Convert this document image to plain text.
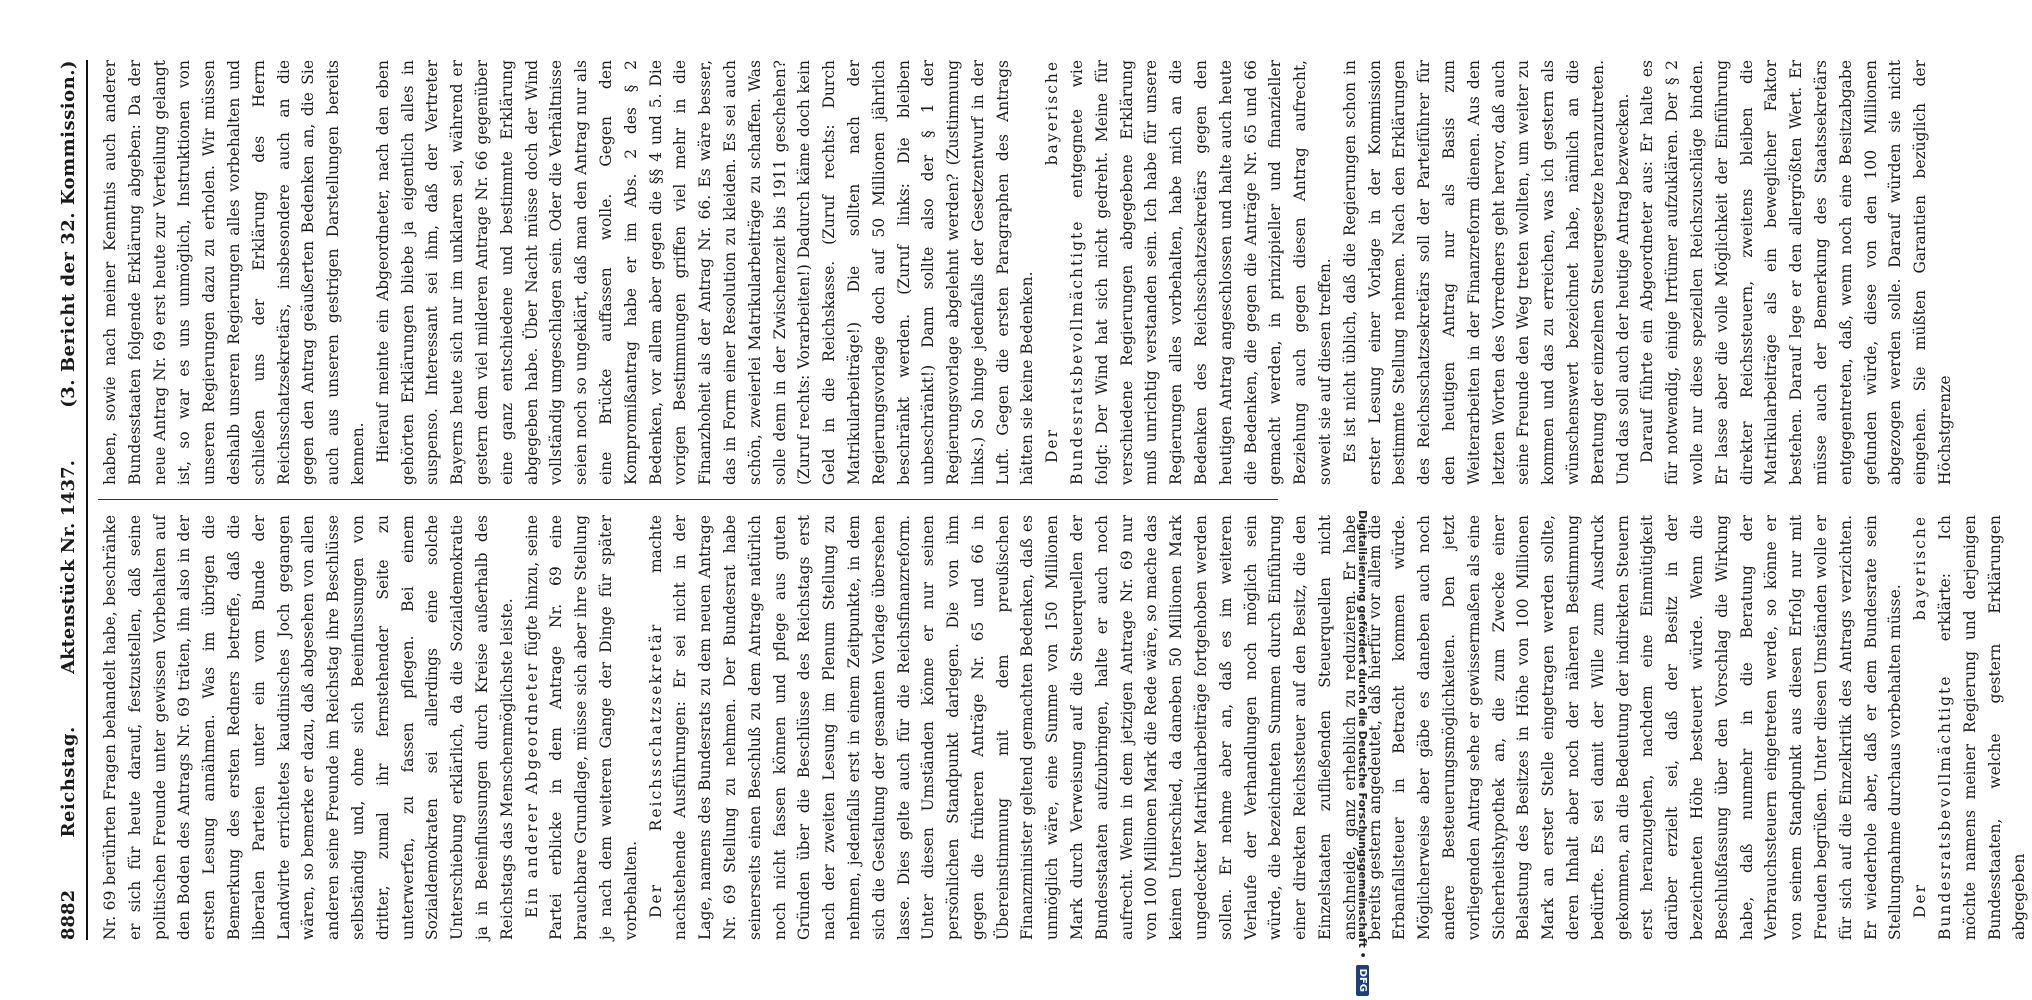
8882
Reichstag.
Aktenstück Nr. 1437.
(3. Bericht der 32. Kommission.)

Nr. 69 berührten Fragen behandelt habe, beschränke er sich für heute darauf, festzustellen, daß seine politischen Freunde unter gewissen Vorbehalten auf den Boden des Antrags Nr. 69 träten, ihn also in der ersten Lesung annähmen. Was im übrigen die Bemerkung des ersten Redners betreffe, daß die liberalen Parteien unter ein vom Bunde der Landwirte errichtetes kaudinisches Joch gegangen wären, so bemerke er dazu, daß abgesehen von allen anderen seine Freunde im Reichstag ihre Beschlüsse selbständig und, ohne sich Beeinflussungen von dritter, zumal ihr fernstehender Seite zu unterwerfen, zu fassen pflegen. Bei einem Sozialdemokraten sei allerdings eine solche Unterschiebung erklärlich, da die Sozialdemokratie ja in Beeinflussungen durch Kreise außerhalb des Reichstags das Menschenmöglichste leiste. Ein anderer Abgeordneter fügte hinzu, seine Partei erblicke in dem Antrage Nr. 69 eine brauchbare Grundlage, müsse sich aber ihre Stellung je nach dem weiteren Gange der Dinge für später vorbehalten. Der Reichsschatzsekretär machte nachstehende Ausführungen: Er sei nicht in der Lage, namens des Bundesrats zu dem neuen Antrage Nr. 69 Stellung zu nehmen. Der Bundesrat habe seinerseits einen Beschluß zu dem Antrage natürlich noch nicht fassen können und pflege aus guten Gründen über die Beschlüsse des Reichstags erst nach der zweiten Lesung im Plenum Stellung zu nehmen, jedenfalls erst in einem Zeitpunkte, in dem sich die Gestaltung der gesamten Vorlage übersehen lasse. Dies gelte auch für die Reichsfinanzreform. Unter diesen Umständen könne er nur seinen persönlichen Standpunkt darlegen. Die von ihm gegen die früheren Anträge Nr. 65 und 66 in Übereinstimmung mit dem preußischen Finanzminister geltend gemachten Bedenken, daß es unmöglich wäre, eine Summe von 150 Millionen Mark durch Verweisung auf die Steuerquellen der Bundesstaaten aufzubringen, halte er auch noch aufrecht. Wenn in dem jetzigen Antrage Nr. 69 nur von 100 Millionen Mark die Rede wäre, so mache das keinen Unterschied, da daneben 50 Millionen Mark ungedeckter Matrikularbeiträge fortgehoben werden sollen. Er nehme aber an, daß es im weiteren Verlaufe der Verhandlungen noch möglich sein würde, die bezeichneten Summen durch Einführung einer direkten Reichssteuer auf den Besitz, die den Einzelstaaten zufließenden Steuerquellen nicht anschneide, ganz erheblich zu reduzieren. Er habe bereits gestern angedeutet, daß hierfür vor allem die Erbanfallsteuer in Betracht kommen würde. Möglicherweise aber gäbe es daneben auch noch andere Besteuerungsmöglichkeiten. Den jetzt vorliegenden Antrag sehe er gewissermaßen als eine Sicherheitshypothek an, die zum Zwecke einer Belastung des Besitzes in Höhe von 100 Millionen Mark an erster Stelle eingetragen werden sollte, deren Inhalt aber noch der näheren Bestimmung bedürfte. Es sei damit der Wille zum Ausdruck gekommen, an die Bedeutung der indirekten Steuern erst heranzugehen, nachdem eine Einmütigkeit darüber erzielt sei, daß der Besitz in der bezeichneten Höhe besteuert würde. Wenn die Beschlußfassung über den Vorschlag die Wirkung habe, daß nunmehr in die Beratung der Verbrauchssteuern eingetreten werde, so könne er von seinem Standpunkt aus diesen Erfolg nur mit Freuden begrüßen. Unter diesen Umständen wolle er für sich auf die Einzelkritik des Antrags verzichten. Er wiederhole aber, daß er dem Bundesrate sein Stellungnahme durchaus vorbehalten müsse. Der bayerische Bundesratsbevollmächtigte erklärte: Ich möchte namens meiner Regierung und derjenigen Bundesstaaten, welche gestern Erklärungen abgegeben

haben, sowie nach meiner Kenntnis auch anderer Bundesstaaten folgende Erklärung abgeben: Da der neue Antrag Nr. 69 erst heute zur Verteilung gelangt ist, so war es uns unmöglich, Instruktionen von unseren Regierungen dazu zu erholen. Wir müssen deshalb unseren Regierungen alles vorbehalten und schließen uns der Erklärung des Herrn Reichsschatzsekretärs, insbesondere auch an die gegen den Antrag geäußerten Bedenken an, die Sie auch aus unseren gestrigen Darstellungen bereits kennen. Hierauf meinte ein Abgeordneter, nach den eben gehörten Erklärungen bliebe ja eigentlich alles in suspenso. Interessant sei ihm, daß der Vertreter Bayerns heute sich nur im unklaren sei, während er gestern dem viel milderen Antrage Nr. 66 gegenüber eine ganz entschiedene und bestimmte Erklärung abgegeben habe. Über Nacht müsse doch der Wind vollständig umgeschlagen sein. Oder die Verhältnisse seien noch so ungeklärt, daß man den Antrag nur als eine Brücke auffassen wolle. Gegen den Kompromißantrag habe er im Abs. 2 des § 2 Bedenken, vor allem aber gegen die §§ 4 und 5. Die vorigen Bestimmungen griffen viel mehr in die Finanzhoheit als der Antrag Nr. 66. Es wäre besser, das in Form einer Resolution zu kleiden. Es sei auch schön, zweierlei Matrikularbeiträge zu schaffen. Was solle denn in der Zwischenzeit bis 1911 geschehen? (Zuruf rechts: Vorarbeiten!) Dadurch käme doch kein Geld in die Reichskasse. (Zuruf rechts: Durch Matrikularbeiträge!) Die sollten nach der Regierungsvorlage doch auf 50 Millionen jährlich beschränkt werden. (Zuruf links: Die bleiben unbeschränkt!) Dann sollte also der § 1 der Regierungsvorlage abgelehnt werden? (Zustimmung links.) So hinge jedenfalls der Gesetzentwurf in der Luft. Gegen die ersten Paragraphen des Antrags hätten sie keine Bedenken. Der bayerische Bundesratsbevollmächtigte entgegnete wie folgt: Der Wind hat sich nicht gedreht. Meine für verschiedene Regierungen abgegebene Erklärung muß unrichtig verstanden sein. Ich habe für unsere Regierungen alles vorbehalten, habe mich an die Bedenken des Reichsschatzsekretärs gegen den heutigen Antrag angeschlossen und halte auch heute die Bedenken, die gegen die Anträge Nr. 65 und 66 gemacht werden, in prinzipieller und finanzieller Beziehung auch gegen diesen Antrag aufrecht, soweit sie auf diesen treffen. Es ist nicht üblich, daß die Regierungen schon in erster Lesung einer Vorlage in der Kommission bestimmte Stellung nehmen. Nach den Erklärungen des Reichsschatzsekretärs soll der Parteiführer für den heutigen Antrag nur als Basis zum Weiterarbeiten in der Finanzreform dienen. Aus den letzten Worten des Vorredners geht hervor, daß auch seine Freunde den Weg treten wollten, um weiter zu kommen und das zu erreichen, was ich gestern als wünschenswert bezeichnet habe, nämlich an die Beratung der einzelnen Steuergesetze heranzutreten. Und das soll auch der heutige Antrag bezwecken. Darauf führte ein Abgeordneter aus: Er halte es für notwendig, einige Irrtümer aufzuklären. Der § 2 wolle nur diese speziellen Reichszuschläge binden. Er lasse aber die volle Möglichkeit der Einführung direkter Reichssteuern, zweitens bleiben die Matrikularbeiträge als ein beweglicher Faktor bestehen. Darauf lege er den allergrößten Wert. Er müsse auch der Bemerkung des Staatssekretärs entgegentreten, daß, wenn noch eine Besitzabgabe gefunden würde, diese von den 100 Millionen abgezogen werden solle. Darauf würden sie nicht eingehen. Sie müßten Garantien bezüglich der Höchstgrenze

Digitalisierung gefördert durch die Deutsche Forschungsgemeinschaft •
DFG
